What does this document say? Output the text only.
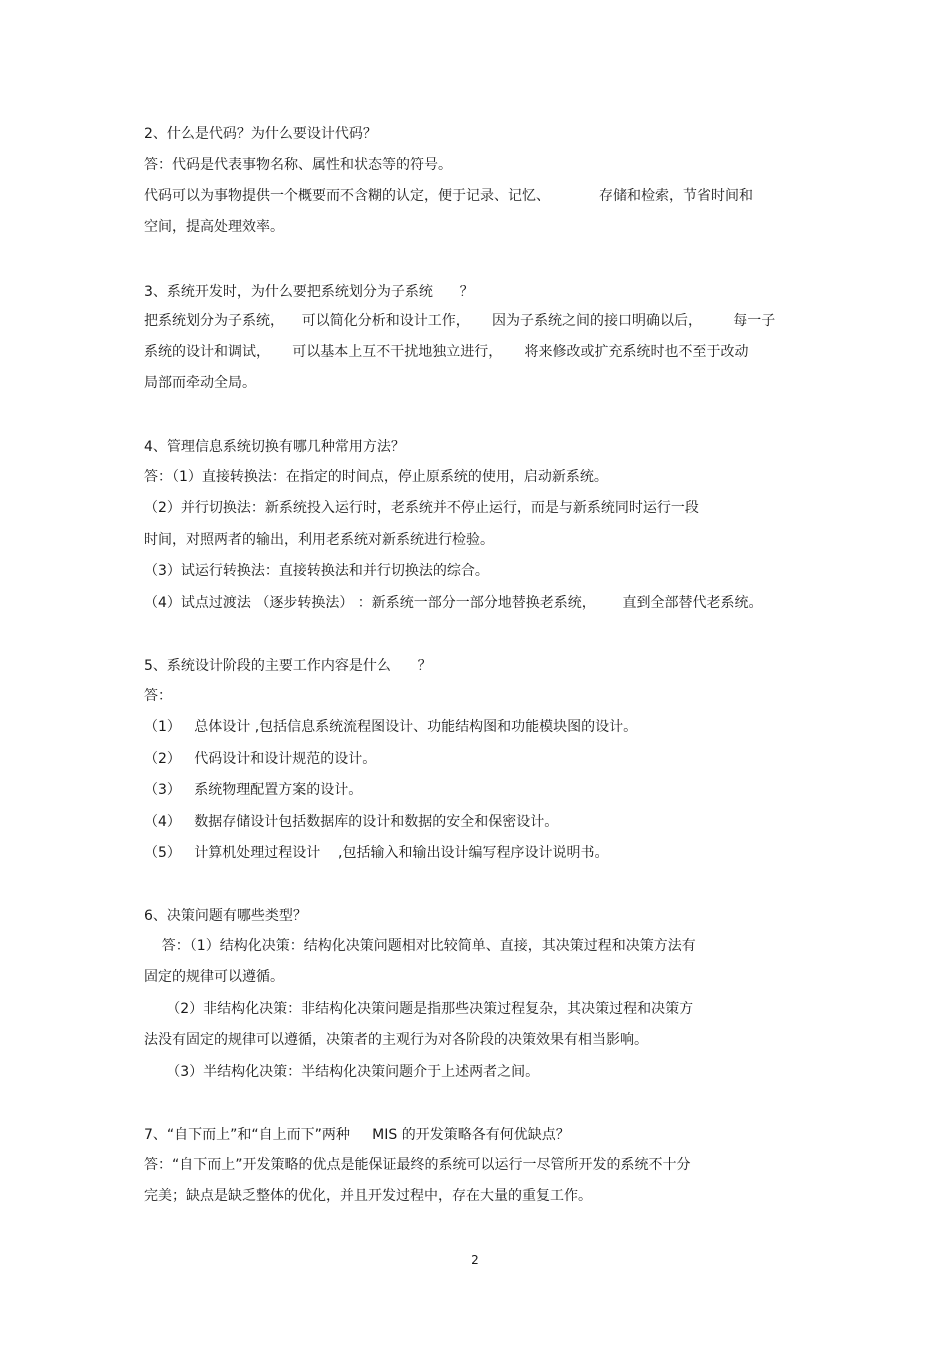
2、什么是代码？为什么要设计代码？
答：代码是代表事物名称、属性和状态等的符号。
代码可以为事物提供一个概要而不含糊的认定，便于记录、记忆、           存储和检索，节省时间和
空间，提高处理效率。
3、系统开发时，为什么要把系统划分为子系统      ？
把系统划分为子系统，    可以简化分析和设计工作，     因为子系统之间的接口明确以后，       每一子
系统的设计和调试，     可以基本上互不干扰地独立进行，     将来修改或扩充系统时也不至于改动
局部而牵动全局。
4、管理信息系统切换有哪几种常用方法？
答：（1）直接转换法：在指定的时间点，停止原系统的使用，启动新系统。
（2）并行切换法：新系统投入运行时，老系统并不停止运行，而是与新系统同时运行一段
时间，对照两者的输出，利用老系统对新系统进行检验。
（3）试运行转换法：直接转换法和并行切换法的综合。
（4）试点过渡法 （逐步转换法） ：新系统一部分一部分地替换老系统，      直到全部替代老系统。
5、系统设计阶段的主要工作内容是什么      ？
答：
（1）   总体设计 ,包括信息系统流程图设计、功能结构图和功能模块图的设计。
（2）   代码设计和设计规范的设计。
（3）   系统物理配置方案的设计。
（4）   数据存储设计包括数据库的设计和数据的安全和保密设计。
（5）   计算机处理过程设计    ,包括输入和输出设计编写程序设计说明书。
6、决策问题有哪些类型？
答：（1）结构化决策：结构化决策问题相对比较简单、直接，其决策过程和决策方法有
固定的规律可以遵循。
（2）非结构化决策：非结构化决策问题是指那些决策过程复杂，其决策过程和决策方
法没有固定的规律可以遵循，决策者的主观行为对各阶段的决策效果有相当影响。
（3）半结构化决策：半结构化决策问题介于上述两者之间。
7、“自下而上”和“自上而下”两种     MIS 的开发策略各有何优缺点？
答：“自下而上”开发策略的优点是能保证最终的系统可以运行一尽管所开发的系统不十分
完美；缺点是缺乏整体的优化，并且开发过程中，存在大量的重复工作。
2
